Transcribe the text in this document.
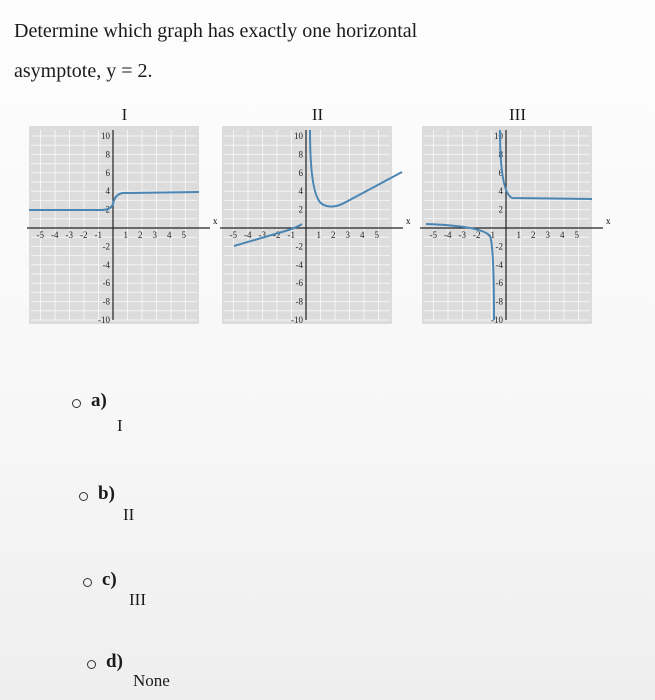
Determine which graph has exactly one horizontal
asymptote, y = 2.
I
x
-5 -4 -3 -2 -1 1 2 3 4 5
10
8
6
4
2
-2
-4
-6
-8
-10
II
x
-5 -4 -3 -2 -1 1 2 3 4 5
10
8
6
4
2
-2
-4
-6
-8
-10
III
x
-5 -4 -3 -2 -1 1 2 3 4 5
10
8
6
4
2
-2
-4
-6
-8
-10
a)
I
b)
II
c)
III
d)
None
